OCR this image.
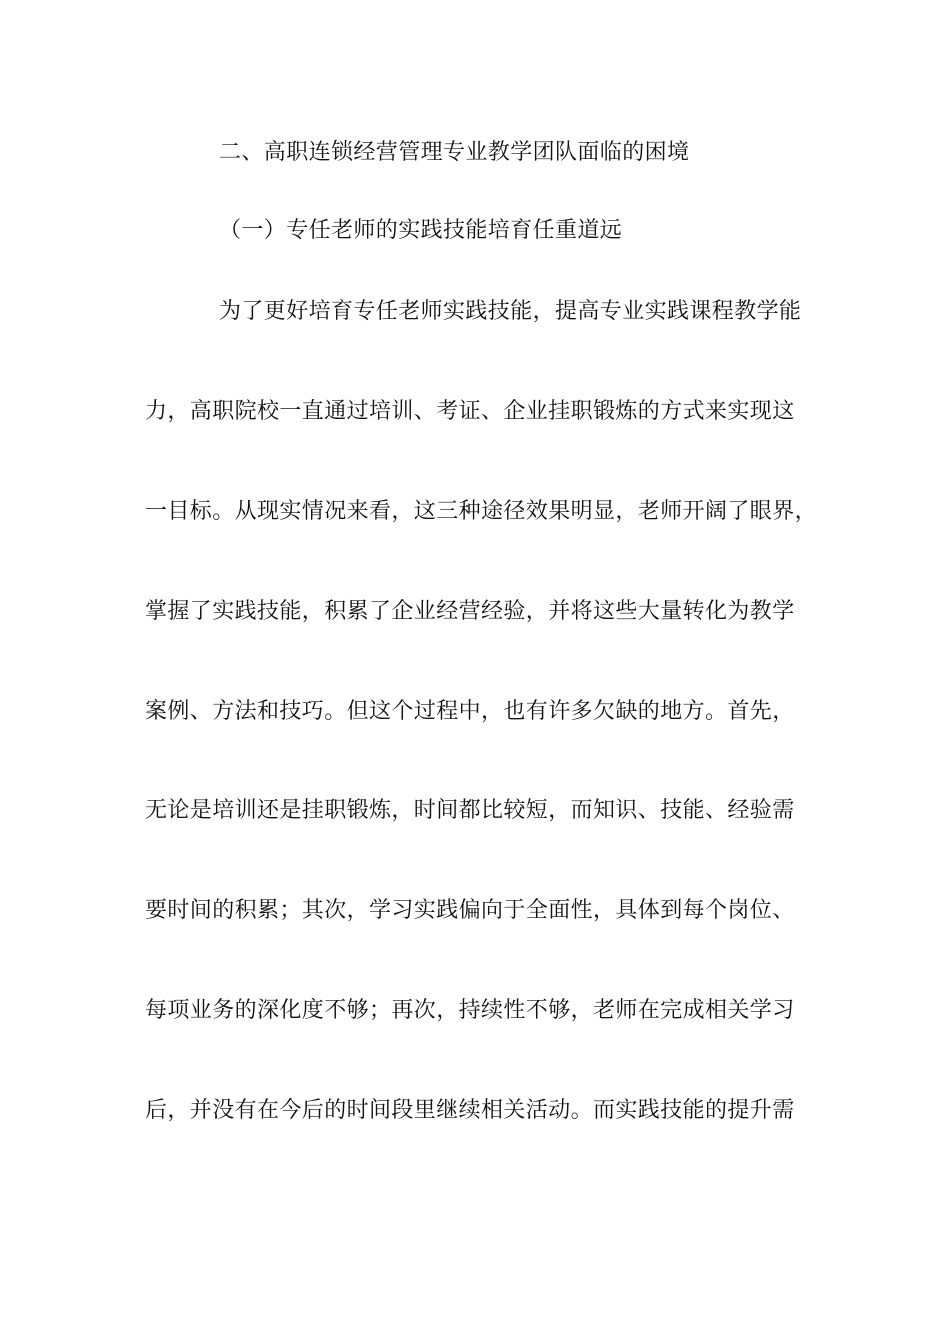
二、高职连锁经营管理专业教学团队面临的困境
（一）专任老师的实践技能培育任重道远
为了更好培育专任老师实践技能，提高专业实践课程教学能
力，高职院校一直通过培训、考证、企业挂职锻炼的方式来实现这
一目标。从现实情况来看，这三种途径效果明显，老师开阔了眼界，
掌握了实践技能，积累了企业经营经验，并将这些大量转化为教学
案例、方法和技巧。但这个过程中，也有许多欠缺的地方。首先，
无论是培训还是挂职锻炼，时间都比较短，而知识、技能、经验需
要时间的积累；其次，学习实践偏向于全面性，具体到每个岗位、
每项业务的深化度不够；再次，持续性不够，老师在完成相关学习
后，并没有在今后的时间段里继续相关活动。而实践技能的提升需
